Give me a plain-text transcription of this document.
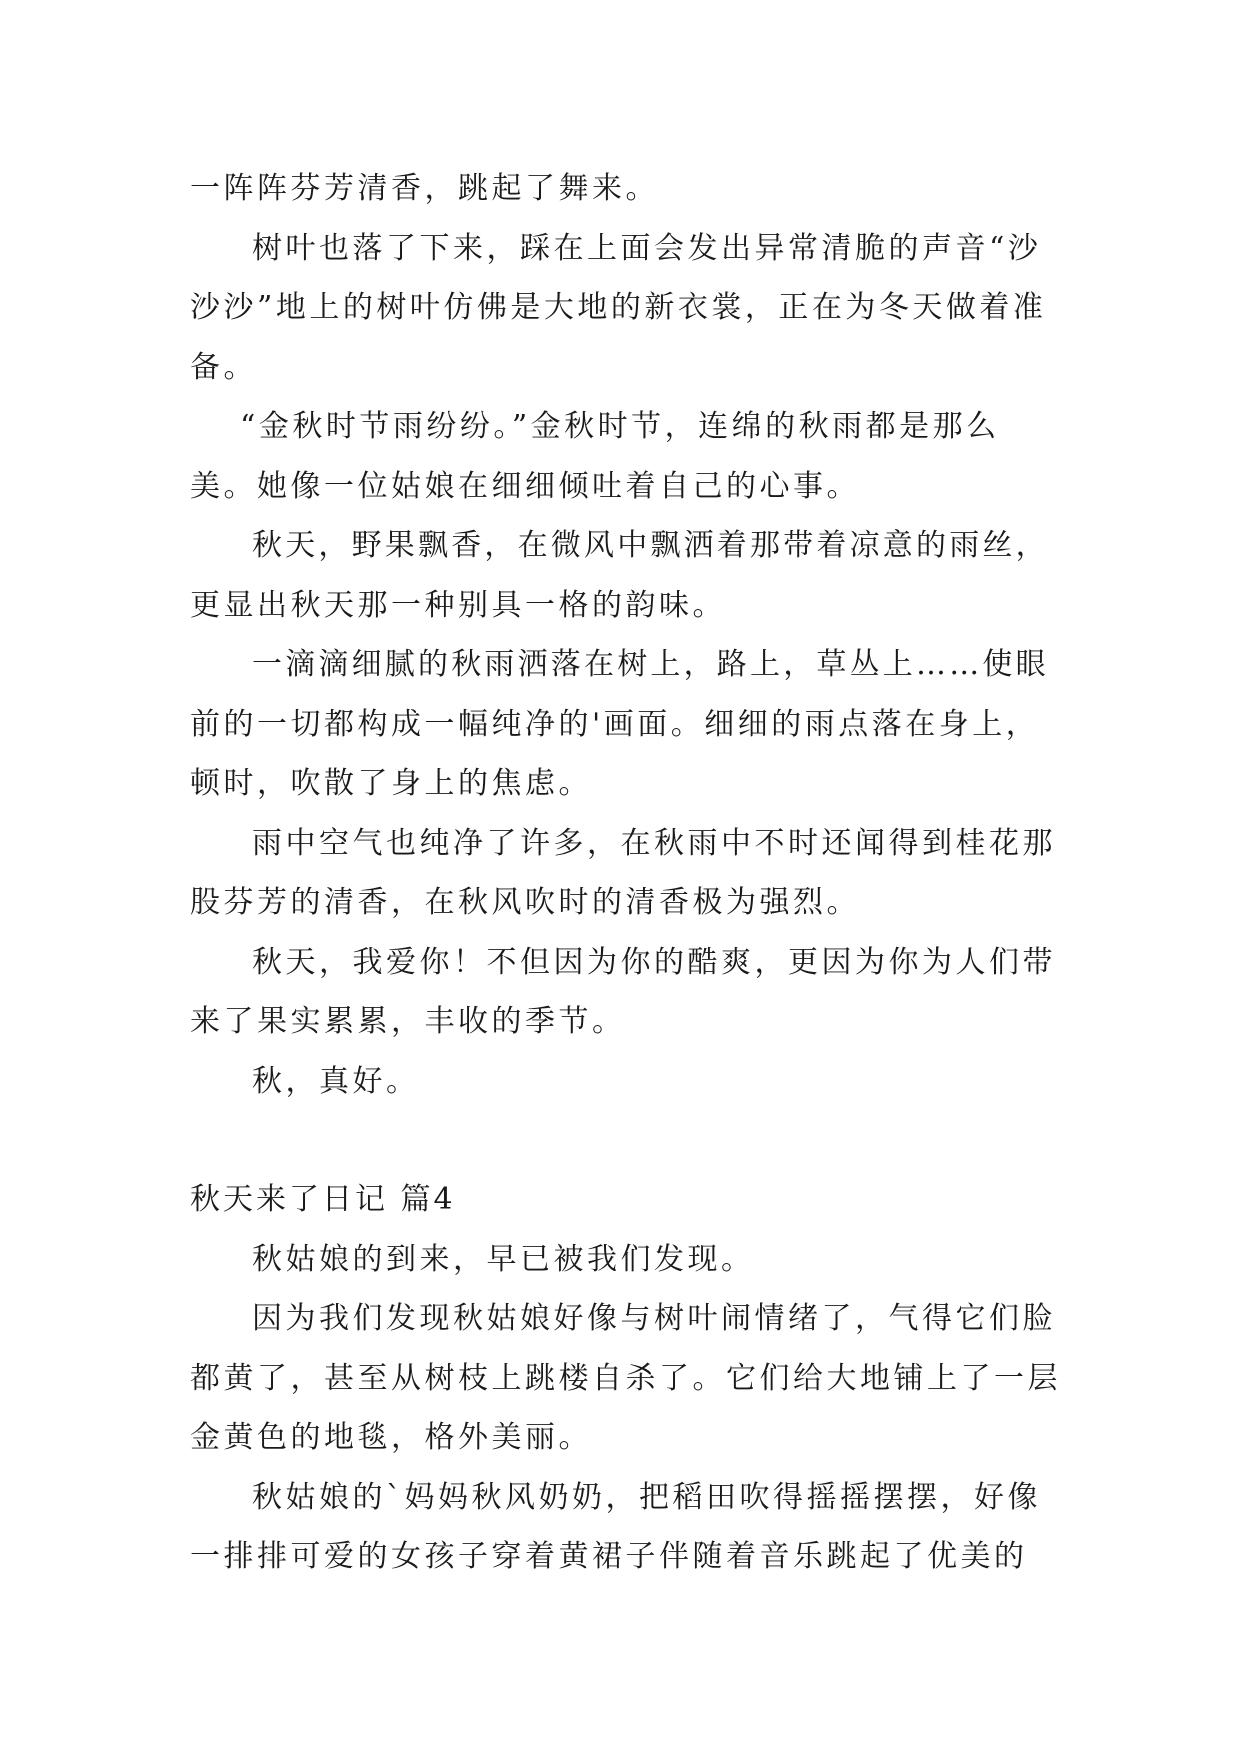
一阵阵芬芳清香，跳起了舞来。

树叶也落了下来，踩在上面会发出异常清脆的声音“沙
沙沙”地上的树叶仿佛是大地的新衣裳，正在为冬天做着准
备。

“金秋时节雨纷纷。”金秋时节，连绵的秋雨都是那么
美。她像一位姑娘在细细倾吐着自己的心事。

秋天，野果飘香，在微风中飘洒着那带着凉意的雨丝，
更显出秋天那一种别具一格的韵味。

一滴滴细腻的秋雨洒落在树上，路上，草丛上……使眼
前的一切都构成一幅纯净的'画面。细细的雨点落在身上，
顿时，吹散了身上的焦虑。

雨中空气也纯净了许多，在秋雨中不时还闻得到桂花那
股芬芳的清香，在秋风吹时的清香极为强烈。

秋天，我爱你！不但因为你的酷爽，更因为你为人们带
来了果实累累，丰收的季节。

秋，真好。

秋天来了日记 篇4

秋姑娘的到来，早已被我们发现。

因为我们发现秋姑娘好像与树叶闹情绪了，气得它们脸
都黄了，甚至从树枝上跳楼自杀了。它们给大地铺上了一层
金黄色的地毯，格外美丽。

秋姑娘的`妈妈秋风奶奶，把稻田吹得摇摇摆摆，好像
一排排可爱的女孩子穿着黄裙子伴随着音乐跳起了优美的
